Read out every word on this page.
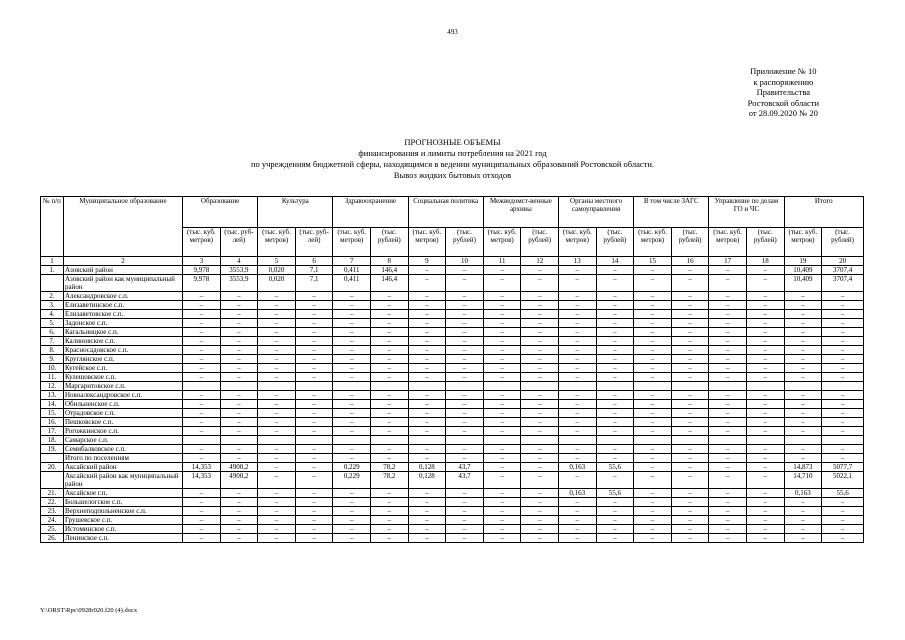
493
Приложение № 10
к распоряжению
Правительства
Ростовской области
от 28.09.2020 № 20
ПРОГНОЗНЫЕ ОБЪЕМЫ
финансирования и лимиты потребления на 2021 год
по учреждениям бюджетной сферы, находящимся в ведении муниципальных образований Ростовской области.
Вывоз жидких бытовых отходов
№ п/п	Муниципальное образование	Образование		Культура		Здравоохранение		Социальная политика		Межведомст-венные архивы		Органы местного самоуправления		В том числе ЗАГС		Управление по делам ГО и ЧС		Итого	
		(тыс. куб. метров)	(тыс. руб-лей)	(тыс. куб. метров)	(тыс. руб-лей)	(тыс. куб. метров)	(тыс. рублей)	(тыс. куб. метров)	(тыс. рублей)	(тыс. куб. метров)	(тыс. рублей)	(тыс. куб. метров)	(тыс. рублей)	(тыс. куб. метров)	(тыс. рублей)	(тыс. куб. метров)	(тыс. рублей)	(тыс. куб. метров)	(тыс. рублей)
1	2	3	4	5	6	7	8	9	10	11	12	13	14	15	16	17	18	19	20
1.	Азовский район	9,978	3553,9	0,020	7,1	0,411	146,4	–	–	–	–	–	–	–	–	–	–	10,409	3707,4
	Азовский район как муниципальный район	9,978	3553,9	0,020	7,1	0,411	146,4	–	–	–	–	–	–	–	–	–	–	10,409	3707,4
2.	Александровское с.п.	–	–	–	–	–	–	–	–	–	–	–	–	–	–	–	–	–	–
3.	Елизаветинское с.п.	–	–	–	–	–	–	–	–	–	–	–	–	–	–	–	–	–	–
4.	Елизаветовское с.п.	–	–	–	–	–	–	–	–	–	–	–	–	–	–	–	–	–	–
5.	Задонское с.п.	–	–	–	–	–	–	–	–	–	–	–	–	–	–	–	–	–	–
6.	Кагальницкое с.п.	–	–	–	–	–	–	–	–	–	–	–	–	–	–	–	–	–	–
7.	Калиновское с.п.	–	–	–	–	–	–	–	–	–	–	–	–	–	–	–	–	–	–
8.	Красносадовское с.п.	–	–	–	–	–	–	–	–	–	–	–	–	–	–	–	–	–	–
9.	Круглянское с.п.	–	–	–	–	–	–	–	–	–	–	–	–	–	–	–	–	–	–
10.	Кугейское с.п.	–	–	–	–	–	–	–	–	–	–	–	–	–	–	–	–	–	–
11.	Кулешовское с.п.	–	–	–	–	–	–	–	–	–	–	–	–	–	–	–	–	–	–
12.	Маргаритовское с.п.																		
13.	Новоалександровское с.п.	–	–	–	–	–	–	–	–	–	–	–	–	–	–	–	–	–	–
14.	Обильненское с.п.	–	–	–	–	–	–	–	–	–	–	–	–	–	–	–	–	–	–
15.	Отрадовское с.п.	–	–	–	–	–	–	–	–	–	–	–	–	–	–	–	–	–	–
16.	Пешковское с.п.	–	–	–	–	–	–	–	–	–	–	–	–	–	–	–	–	–	–
17.	Рогожкинское с.п.	–	–	–	–	–	–	–	–	–	–	–	–	–	–	–	–	–	–
18.	Самарское с.п.																		
19.	Семибалковское с.п.	–	–	–	–	–	–	–	–	–	–	–	–	–	–	–	–	–	–
	Итого по поселениям	–	–	–	–	–	–	–	–	–	–	–	–	–	–	–	–	–	–
20.	Аксайский район	14,353	4900,2	–	–	0,229	78,2	0,128	43,7	–	–	0,163	55,6	–	–	–	–	14,873	5077,7
	Аксайский район как муниципальный район	14,353	4900,2	–	–	0,229	78,2	0,128	43,7	–	–	–	–	–	–	–	–	14,710	5022,1
21.	Аксайское г.п.	–	–	–	–	–	–	–	–	–	–	0,163	55,6	–	–	–	–	0,163	55,6
22.	Большелогское с.п.	–	–	–	–	–	–	–	–	–	–	–	–	–	–	–	–	–	–
23.	Верхнеподпольненское с.п.	–	–	–	–	–	–	–	–	–	–	–	–	–	–	–	–	–	–
24.	Грушевское с.п.	–	–	–	–	–	–	–	–	–	–	–	–	–	–	–	–	–	–
25.	Истоминское с.п.	–	–	–	–	–	–	–	–	–	–	–	–	–	–	–	–	–	–
26.	Ленинское с.п.	–	–	–	–	–	–	–	–	–	–	–	–	–	–	–	–	–	–
Y:\ORST\Rpc\0928r020.f20 (4).docx
